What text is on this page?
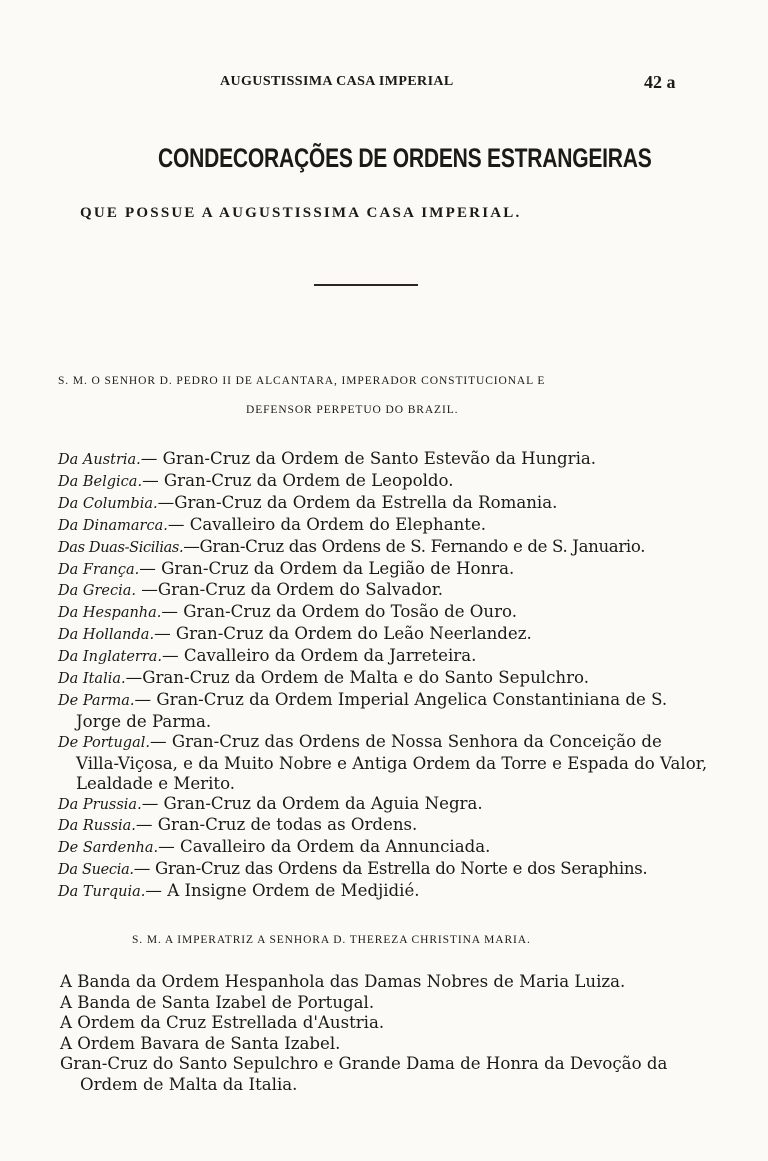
AUGUSTISSIMA CASA IMPERIAL	42 a
CONDECORAÇÕES DE ORDENS ESTRANGEIRAS
QUE POSSUE A AUGUSTISSIMA CASA IMPERIAL.
S. M. O SENHOR D. PEDRO II DE ALCANTARA, IMPERADOR CONSTITUCIONAL E
DEFENSOR PERPETUO DO BRAZIL.
Da Austria.— Gran-Cruz da Ordem de Santo Estevão da Hungria.
Da Belgica.— Gran-Cruz da Ordem de Leopoldo.
Da Columbia.—Gran-Cruz da Ordem da Estrella da Romania.
Da Dinamarca.— Cavalleiro da Ordem do Elephante.
Das Duas-Sicilias.—Gran-Cruz das Ordens de S. Fernando e de S. Januario.
Da França.— Gran-Cruz da Ordem da Legião de Honra.
Da Grecia. —Gran-Cruz da Ordem do Salvador.
Da Hespanha.— Gran-Cruz da Ordem do Tosão de Ouro.
Da Hollanda.— Gran-Cruz da Ordem do Leão Neerlandez.
Da Inglaterra.— Cavalleiro da Ordem da Jarreteira.
Da Italia.—Gran-Cruz da Ordem de Malta e do Santo Sepulchro.
De Parma.— Gran-Cruz da Ordem Imperial Angelica Constantiniana de S. Jorge de Parma.
De Portugal.— Gran-Cruz das Ordens de Nossa Senhora da Conceição de Villa-Viçosa, e da Muito Nobre e Antiga Ordem da Torre e Espada do Valor, Lealdade e Merito.
Da Prussia.— Gran-Cruz da Ordem da Aguia Negra.
Da Russia.— Gran-Cruz de todas as Ordens.
De Sardenha.— Cavalleiro da Ordem da Annunciada.
Da Suecia.— Gran-Cruz das Ordens da Estrella do Norte e dos Seraphins.
Da Turquia.— A Insigne Ordem de Medjidié.
S. M. A IMPERATRIZ A SENHORA D. THEREZA CHRISTINA MARIA.
A Banda da Ordem Hespanhola das Damas Nobres de Maria Luiza.
A Banda de Santa Izabel de Portugal.
A Ordem da Cruz Estrellada d'Austria.
A Ordem Bavara de Santa Izabel.
Gran-Cruz do Santo Sepulchro e Grande Dama de Honra da Devoção da Ordem de Malta da Italia.
